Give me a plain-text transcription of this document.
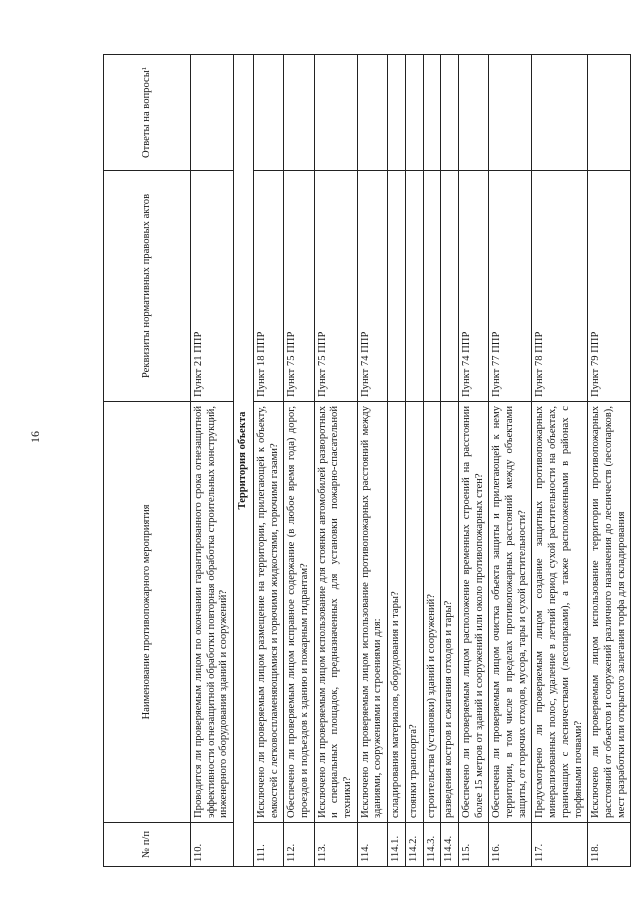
16
№ п/п	Наименование противопожарного мероприятия	Реквизиты нормативных правовых актов	Ответы на вопросы¹
110.	Проводится ли проверяемым лицом по окончании гарантированного срока огнезащитной эффективности огнезащитной обработки повторная обработка строительных конструкций, инженерного оборудования зданий и сооружений?	Пункт 21 ППР	
Территория объекта			
111.	Исключено ли проверяемым лицом размещение на территории, прилегающей к объекту, емкостей с легковоспламеняющимися и горючими жидкостями, горючими газами?	Пункт 18 ППР	
112.	Обеспечено ли проверяемым лицом исправное содержание (в любое время года) дорог, проездов и подъездов к зданию и пожарным гидрантам?	Пункт 75 ППР	
113.	Исключено ли проверяемым лицом использование для стоянки автомобилей разворотных и специальных площадок, предназначенных для установки пожарно-спасательной техники?	Пункт 75 ППР	
114.	Исключено ли проверяемым лицом использование противопожарных расстояний между зданиями, сооружениями и строениями для:	Пункт 74 ППР	
114.1.	складирования материалов, оборудования и тары?		
114.2.	стоянки транспорта?		
114.3.	строительства (установки) зданий и сооружений?		
114.4.	разведения костров и сжигания отходов и тары?		
115.	Обеспечено ли проверяемым лицом расположение временных строений на расстоянии более 15 метров от зданий и сооружений или около противопожарных стен?	Пункт 74 ППР	
116.	Обеспечена ли проверяемым лицом очистка объекта защиты и прилегающей к нему территории, в том числе в пределах противопожарных расстояний между объектами защиты, от горючих отходов, мусора, тары и сухой растительности?	Пункт 77 ППР	
117.	Предусмотрено ли проверяемым лицом создание защитных противопожарных минерализованных полос, удаление в летний период сухой растительности на объектах, граничащих с лесничествами (лесопарками), а также расположенными в районах с торфяными почвами?	Пункт 78 ППР	
118.	Исключено ли проверяемым лицом использование территории противопожарных расстояний от объектов и сооружений различного назначения до лесничеств (лесопарков), мест разработки или открытого залегания торфа для складирования	Пункт 79 ППР	
